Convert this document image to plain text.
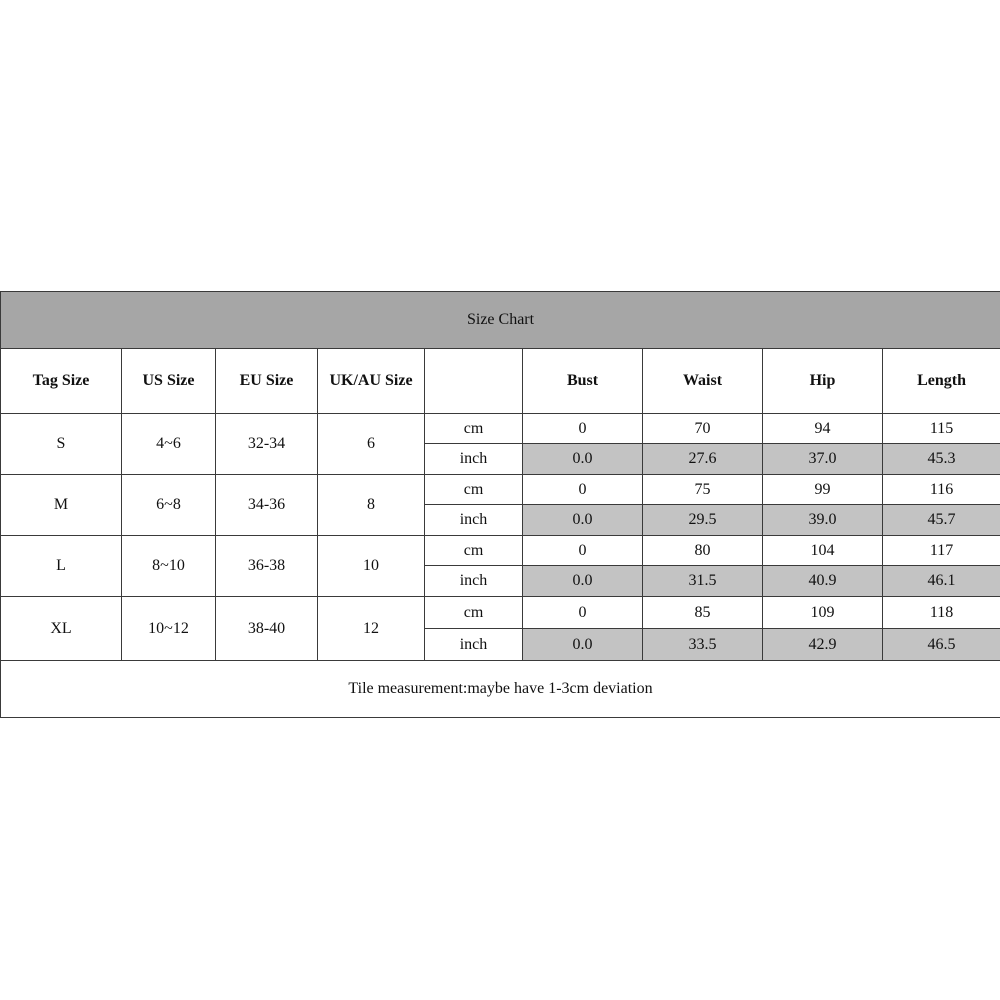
Size Chart								
Tag Size	US Size	EU Size	UK/AU Size		Bust	Waist	Hip	Length
S	4~6	32-34	6	cm	0	70	94	115
				inch	0.0	27.6	37.0	45.3
M	6~8	34-36	8	cm	0	75	99	116
				inch	0.0	29.5	39.0	45.7
L	8~10	36-38	10	cm	0	80	104	117
				inch	0.0	31.5	40.9	46.1
XL	10~12	38-40	12	cm	0	85	109	118
				inch	0.0	33.5	42.9	46.5
Tile measurement:maybe have 1-3cm deviation								
